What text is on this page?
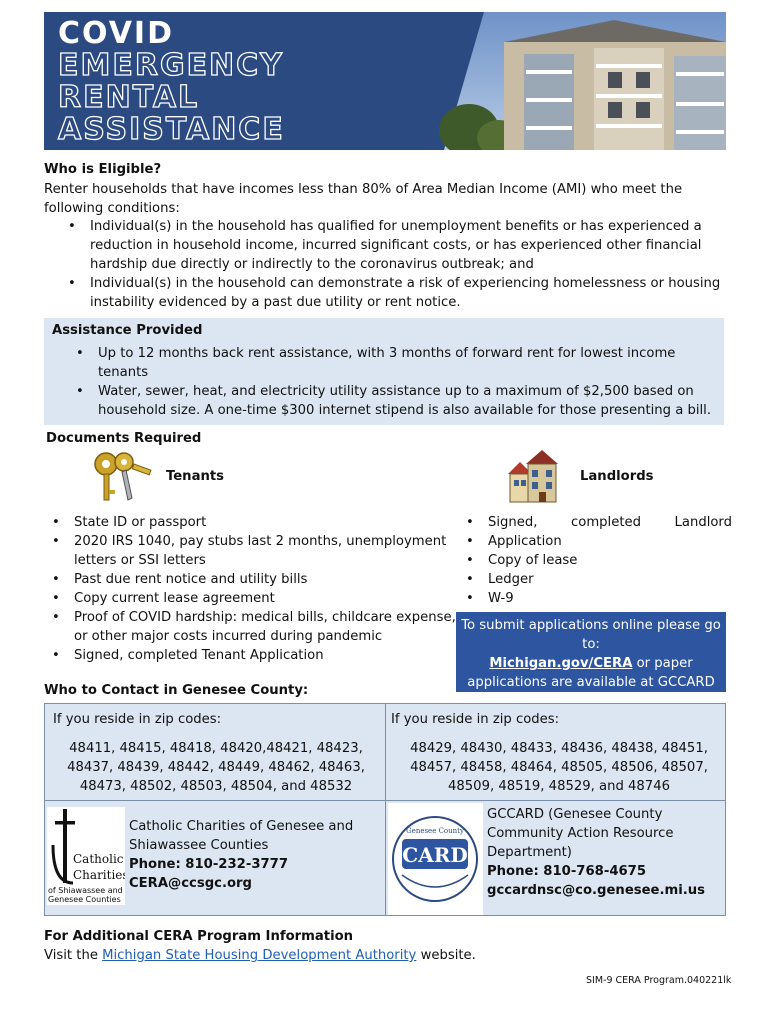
COVID
EMERGENCY
RENTAL
ASSISTANCE
Who is Eligible?
Renter households that have incomes less than 80% of Area Median Income (AMI) who meet the following conditions:
• Individual(s) in the household has qualified for unemployment benefits or has experienced a reduction in household income, incurred significant costs, or has experienced other financial hardship due directly or indirectly to the coronavirus outbreak; and
• Individual(s) in the household can demonstrate a risk of experiencing homelessness or housing instability evidenced by a past due utility or rent notice.
Assistance Provided
• Up to 12 months back rent assistance, with 3 months of forward rent for lowest income tenants
• Water, sewer, heat, and electricity utility assistance up to a maximum of $2,500 based on household size. A one-time $300 internet stipend is also available for those presenting a bill.
Documents Required
Tenants	Landlords
• State ID or passport
• 2020 IRS 1040, pay stubs last 2 months, unemployment letters or SSI letters
• Past due rent notice and utility bills
• Copy current lease agreement
• Proof of COVID hardship: medical bills, childcare expense, or other major costs incurred during pandemic
• Signed, completed Tenant Application
• Signed, completed Landlord
• Application
• Copy of lease
• Ledger
• W-9
To submit applications online please go to:
Michigan.gov/CERA or paper applications are available at GCCARD
Who to Contact in Genesee County:
If you reside in zip codes:
48411, 48415, 48418, 48420,48421, 48423, 48437, 48439, 48442, 48449, 48462, 48463, 48473, 48502, 48503, 48504, and 48532
If you reside in zip codes:
48429, 48430, 48433, 48436, 48438, 48451, 48457, 48458, 48464, 48505, 48506, 48507, 48509, 48519, 48529, and 48746
Catholic
Charities
of Shiawassee and
Genesee Counties
Catholic Charities of Genesee and Shiawassee Counties
Phone: 810-232-3777
CERA@ccsgc.org
Genesee County
CARD
GCCARD (Genesee County Community Action Resource Department)
Phone: 810-768-4675
gccardnsc@co.genesee.mi.us
For Additional CERA Program Information
Visit the Michigan State Housing Development Authority website.
SIM-9 CERA Program.040221lk
